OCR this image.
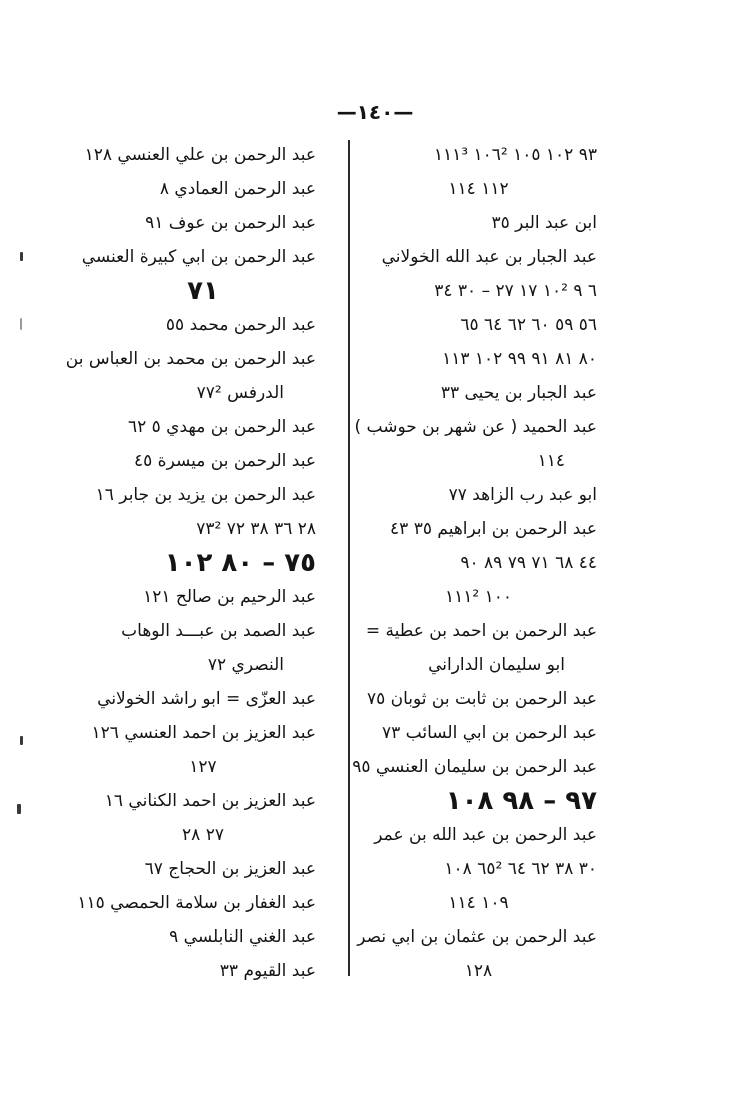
—١٤٠—
٩٣ ١٠٢ ١٠٥ ١٠٦² ١١١³
١١٢ ١١٤
ابن عبد البر ٣٥
عبد الجبار بن عبد الله الخولاني
٦ ٩ ١٠² ١٧ ٢٧ – ٣٠ ٣٤
٥٦ ٥٩ ٦٠ ٦٢ ٦٤ ٦٥
٨٠ ٨١ ٩١ ٩٩ ١٠٢ ١١٣
عبد الجبار بن يحيى ٣٣
عبد الحميد ( عن شهر بن حوشب )
١١٤
ابو عبد رب الزاهد ٧٧
عبد الرحمن بن ابراهيم ٣٥ ٤٣
٤٤ ٦٨ ٧١ ٧٩ ٨٩ ٩٠
١٠٠ ١١١²
عبد الرحمن بن احمد بن عطية =
ابو سليمان الداراني
عبد الرحمن بن ثابت بن ثوبان ٧٥
عبد الرحمن بن ابي السائب ٧٣
عبد الرحمن بن سليمان العنسي ٩٥
٩٧ – ٩٨ ١٠٨
عبد الرحمن بن عبد الله بن عمر
٣٠ ٣٨ ٦٢ ٦٤ ٦٥² ١٠٨
١٠٩ ١١٤
عبد الرحمن بن عثمان بن ابي نصر
١٢٨
عبد الرحمن بن علي العنسي ١٢٨
عبد الرحمن العمادي ٨
عبد الرحمن بن عوف ٩١
عبد الرحمن بن ابي كبيرة العنسي
٧١
عبد الرحمن محمد ٥٥
عبد الرحمن بن محمد بن العباس بن
الدرفس ٧٧²
عبد الرحمن بن مهدي ٥ ٦٢
عبد الرحمن بن ميسرة ٤٥
عبد الرحمن بن يزيد بن جابر ١٦
٢٨ ٣٦ ٣٨ ٧٢ ٧٣²
٧٥ – ٨٠ ١٠٢
عبد الرحيم بن صالح ١٢١
عبد الصمد بن عبـــد الوهاب
النصري ٧٢
عبد العزّى = ابو راشد الخولاني
عبد العزيز بن احمد العنسي ١٢٦
١٢٧
عبد العزيز بن احمد الكناني ١٦
٢٧ ٢٨
عبد العزيز بن الحجاج ٦٧
عبد الغفار بن سلامة الحمصي ١١٥
عبد الغني النابلسي ٩
عبد القيوم ٣٣
